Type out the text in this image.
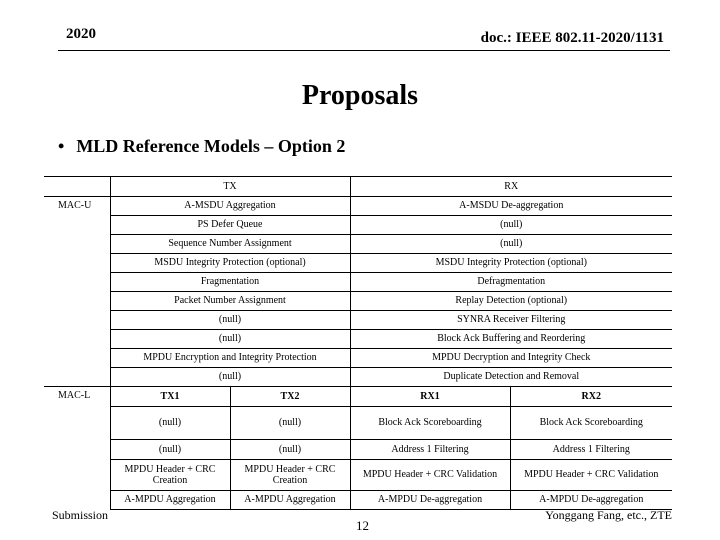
2020	doc.: IEEE 802.11-2020/1131
Proposals
• MLD Reference Models – Option 2
	TX		RX	
MAC-U	A-MSDU Aggregation		A-MSDU De-aggregation	
	PS Defer Queue		(null)	
	Sequence Number Assignment		(null)	
	MSDU Integrity Protection (optional)		MSDU Integrity Protection (optional)	
	Fragmentation		Defragmentation	
	Packet Number Assignment		Replay Detection (optional)	
	(null)		SYNRA Receiver Filtering	
	(null)		Block Ack Buffering and Reordering	
	MPDU Encryption and Integrity Protection		MPDU Decryption and Integrity Check	
	(null)		Duplicate Detection and Removal	
MAC-L	TX1	TX2	RX1	RX2
	(null)	(null)	Block Ack Scoreboarding	Block Ack Scoreboarding
	(null)	(null)	Address 1 Filtering	Address 1 Filtering
	MPDU Header + CRC Creation	MPDU Header + CRC Creation	MPDU Header + CRC Validation	MPDU Header + CRC Validation
	A-MPDU Aggregation	A-MPDU Aggregation	A-MPDU De-aggregation	A-MPDU De-aggregation
Submission
12
Yonggang Fang, etc., ZTE
